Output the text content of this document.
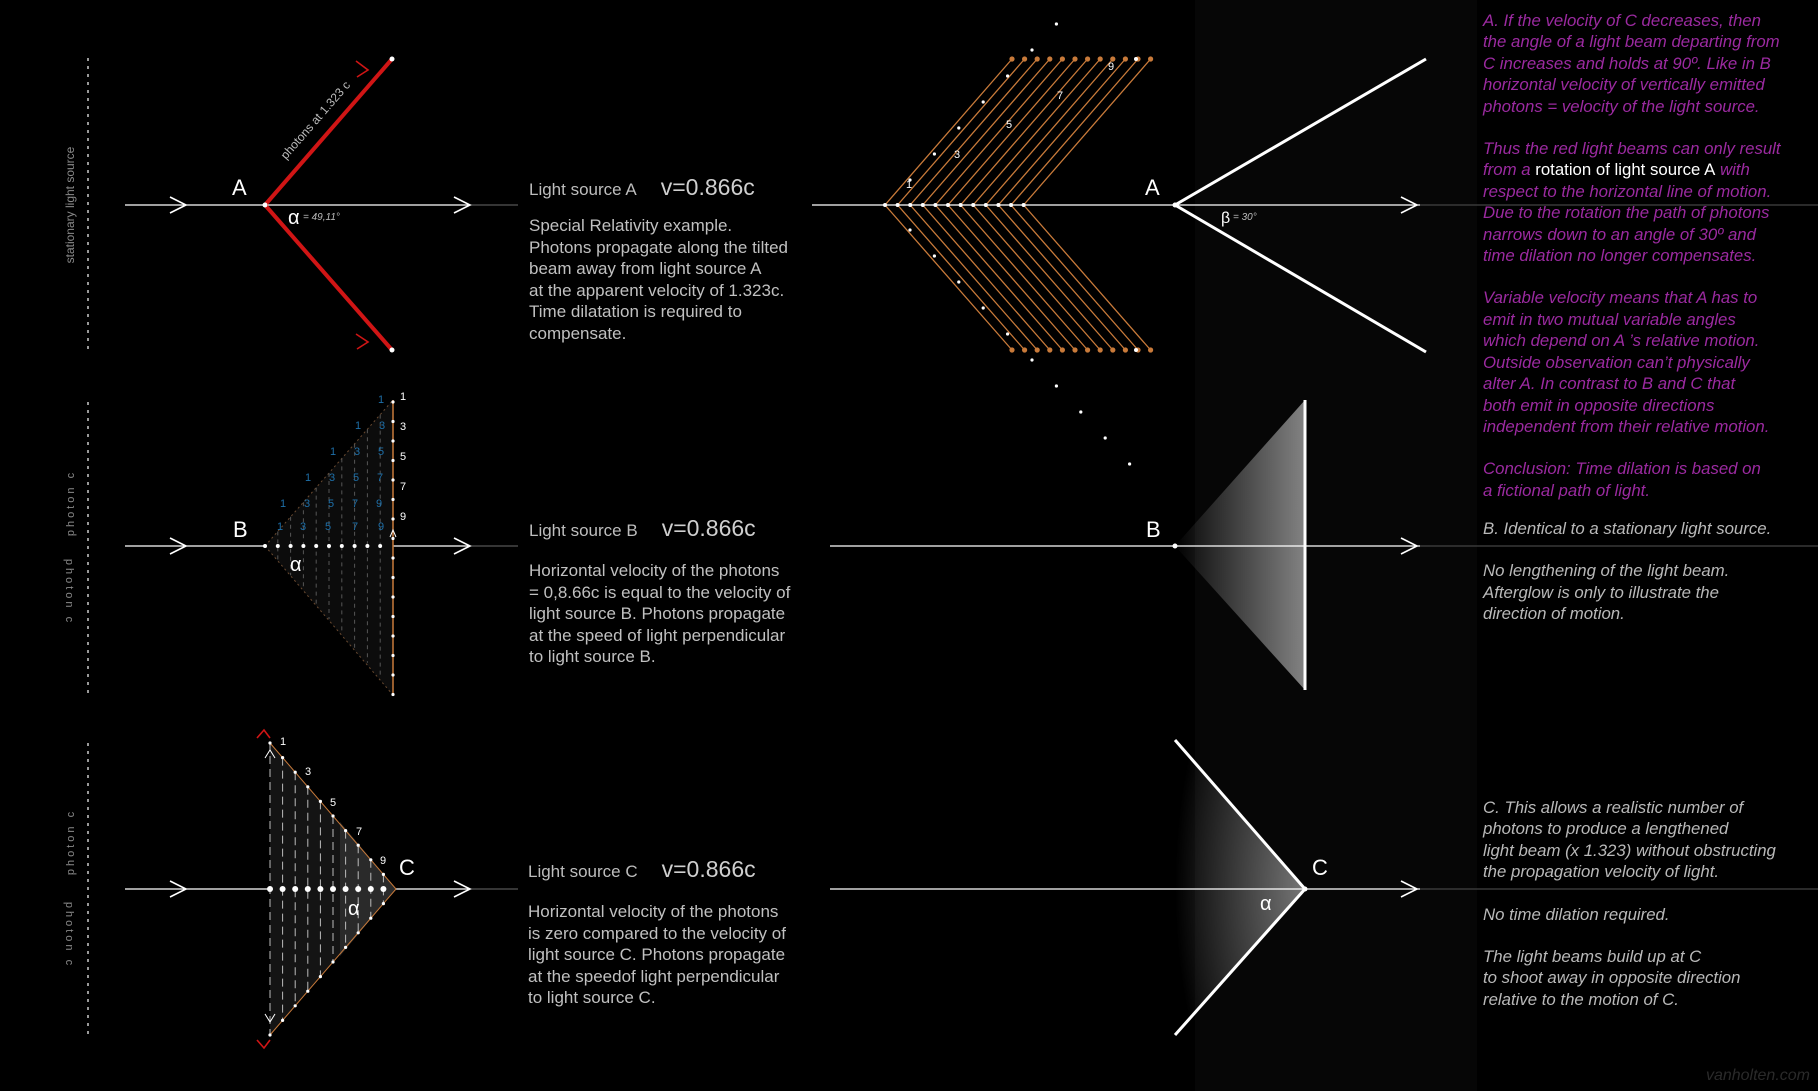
stationary light source
photon c
photon c
photon c
photon c
A
α = 49,11°
photons at 1.323 c
1
3
5
7
9
1
1 3
1 3 5
1 3 5 7
1 3 5 7 9
1 3 5 7 9
B
α
1
3
5
7
9 C
α
1
3
5
7
9
A
β = 30°
B
C
α
Light source A v=0.866c
Special Relativity example.
Photons propagate along the tilted
beam away from light source A
at the apparent velocity of 1.323c.
Time dilatation is required to
compensate.
Light source B v=0.866c
Horizontal velocity of the photons
= 0,8.66c is equal to the velocity of
light source B. Photons propagate
at the speed of light perpendicular
to light source B.
Light source C v=0.866c
Horizontal velocity of the photons
is zero compared to the velocity of
light source C. Photons propagate
at the speedof light perpendicular
to light source C.

A. If the velocity of C decreases, then
the angle of a light beam departing from
C increases and holds at 90º. Like in B
horizontal velocity of vertically emitted
photons = velocity of the light source.

Thus the red light beams can only result
from a rotation of light source A with
respect to the horizontal line of motion.
Due to the rotation the path of photons
narrows down to an angle of 30º and
time dilation no longer compensates.

Variable velocity means that A has to
emit in two mutual variable angles
which depend on A ’s relative motion.
Outside observation can’t physically
alter A. In contrast to B and C that
both emit in opposite directions
independent from their relative motion.

Conclusion: Time dilation is based on
a fictional path of light.

B. Identical to a stationary light source.

No lengthening of the light beam.
Afterglow is only to illustrate the
direction of motion.

C. This allows a realistic number of
photons to produce a lengthened
light beam (x 1.323) without obstructing
the propagation velocity of light.

No time dilation required.

The light beams build up at C
to shoot away in opposite direction
relative to the motion of C.

vanholten.com
